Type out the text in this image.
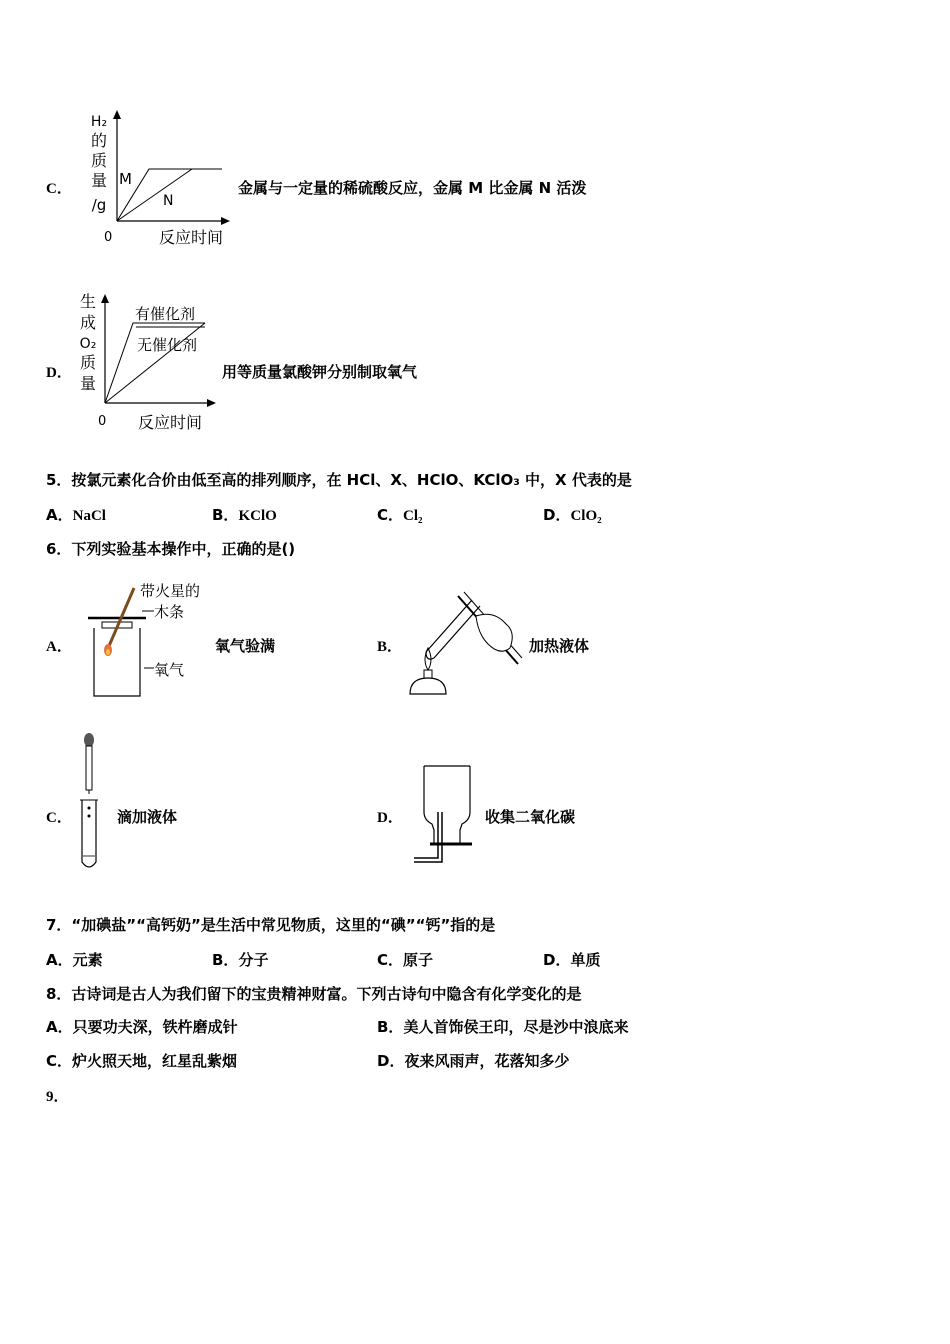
C．
H₂
的
质
量
/g
M
N
0	反应时间
金属与一定量的稀硫酸反应，金属 M 比金属 N 活泼
D．
生
成
O₂
质
量
有催化剂
无催化剂
0 反应时间
用等质量氯酸钾分别制取氧气
5．按氯元素化合价由低至高的排列顺序，在 HCl、X、HClO、KClO₃ 中，X 代表的是
A．NaCl	B．KClO	C．Cl₂	D．ClO₂
6．下列实验基本操作中，正确的是()
A．
带火星的
木条
氧气
氧气验满	B．	加热液体
C．	滴加液体	D．	收集二氧化碳
7．“加碘盐”“高钙奶”是生活中常见物质，这里的“碘”“钙”指的是
A．元素	B．分子	C．原子	D．单质
8．古诗词是古人为我们留下的宝贵精神财富。下列古诗句中隐含有化学变化的是
A．只要功夫深，铁杵磨成针	B．美人首饰侯王印，尽是沙中浪底来
C．炉火照天地，红星乱紫烟	D．夜来风雨声，花落知多少
9．
